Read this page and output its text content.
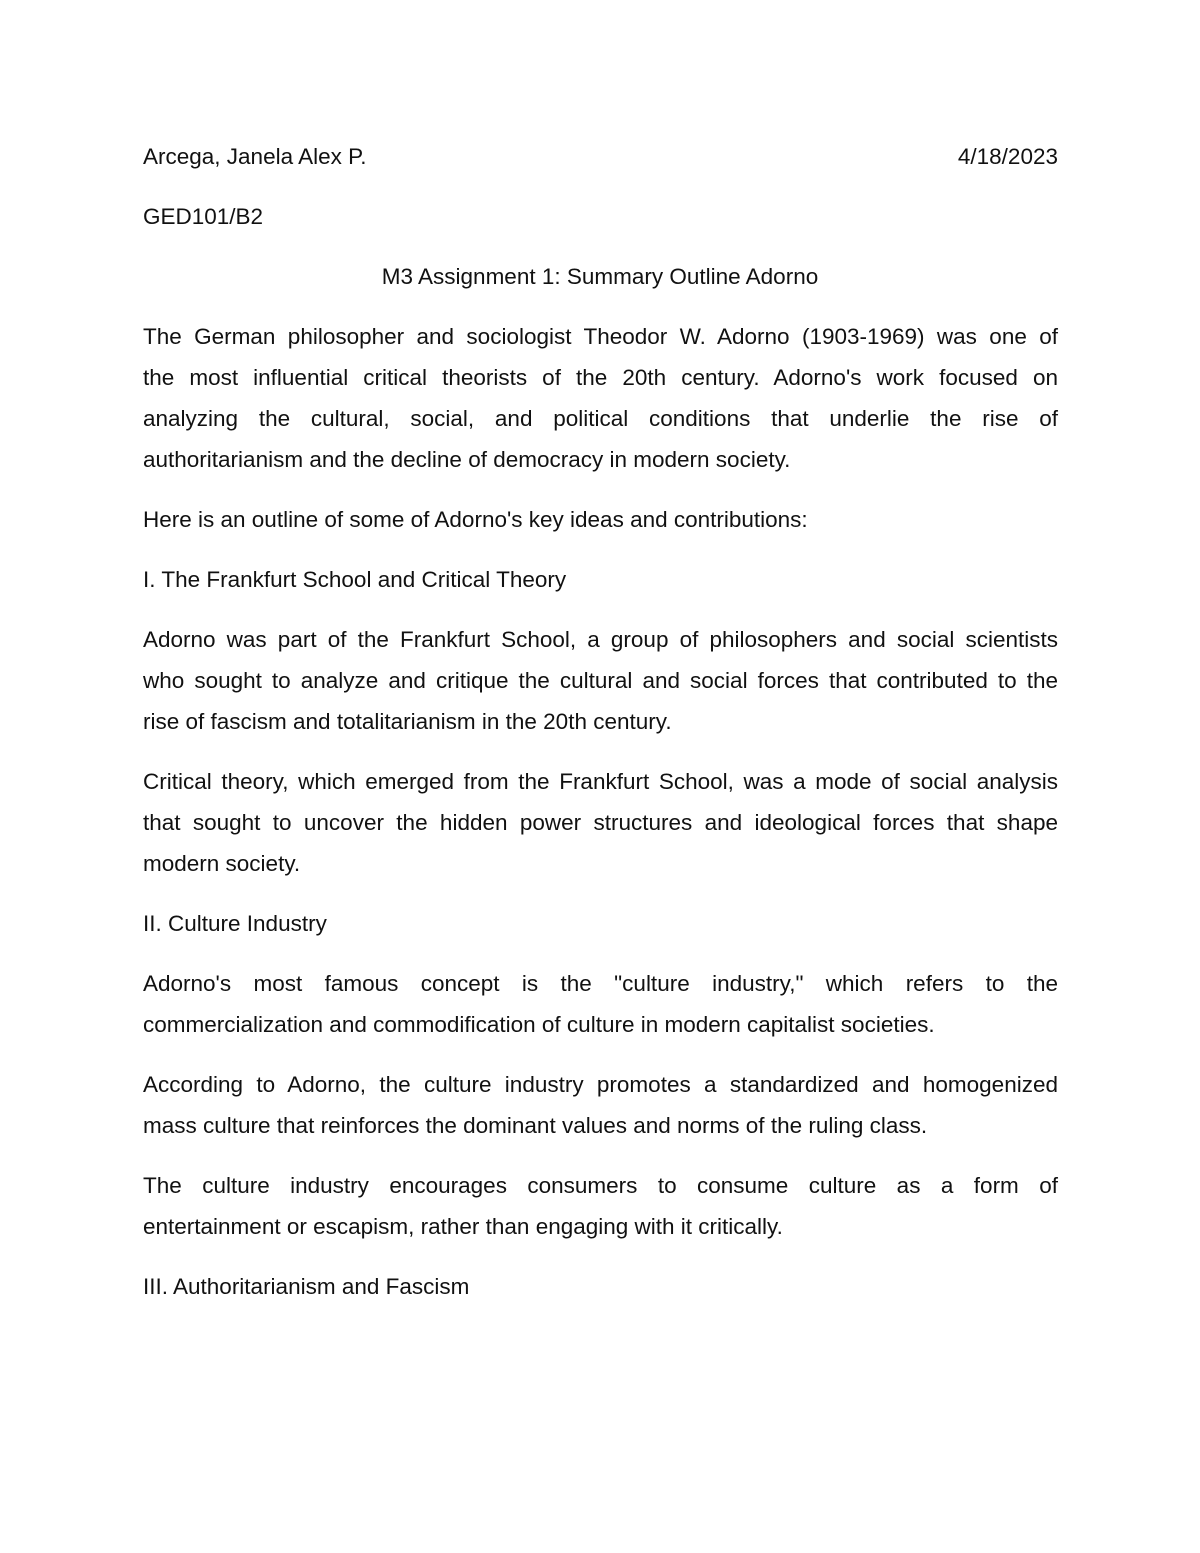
Arcega, Janela Alex P.	4/18/2023
GED101/B2
M3 Assignment 1: Summary Outline Adorno
The German philosopher and sociologist Theodor W. Adorno (1903-1969) was one of
the most influential critical theorists of the 20th century. Adorno's work focused on
analyzing the cultural, social, and political conditions that underlie the rise of
authoritarianism and the decline of democracy in modern society.
Here is an outline of some of Adorno's key ideas and contributions:
I. The Frankfurt School and Critical Theory
Adorno was part of the Frankfurt School, a group of philosophers and social scientists
who sought to analyze and critique the cultural and social forces that contributed to the
rise of fascism and totalitarianism in the 20th century.
Critical theory, which emerged from the Frankfurt School, was a mode of social analysis
that sought to uncover the hidden power structures and ideological forces that shape
modern society.
II. Culture Industry
Adorno's most famous concept is the "culture industry," which refers to the
commercialization and commodification of culture in modern capitalist societies.
According to Adorno, the culture industry promotes a standardized and homogenized
mass culture that reinforces the dominant values and norms of the ruling class.
The culture industry encourages consumers to consume culture as a form of
entertainment or escapism, rather than engaging with it critically.
III. Authoritarianism and Fascism
